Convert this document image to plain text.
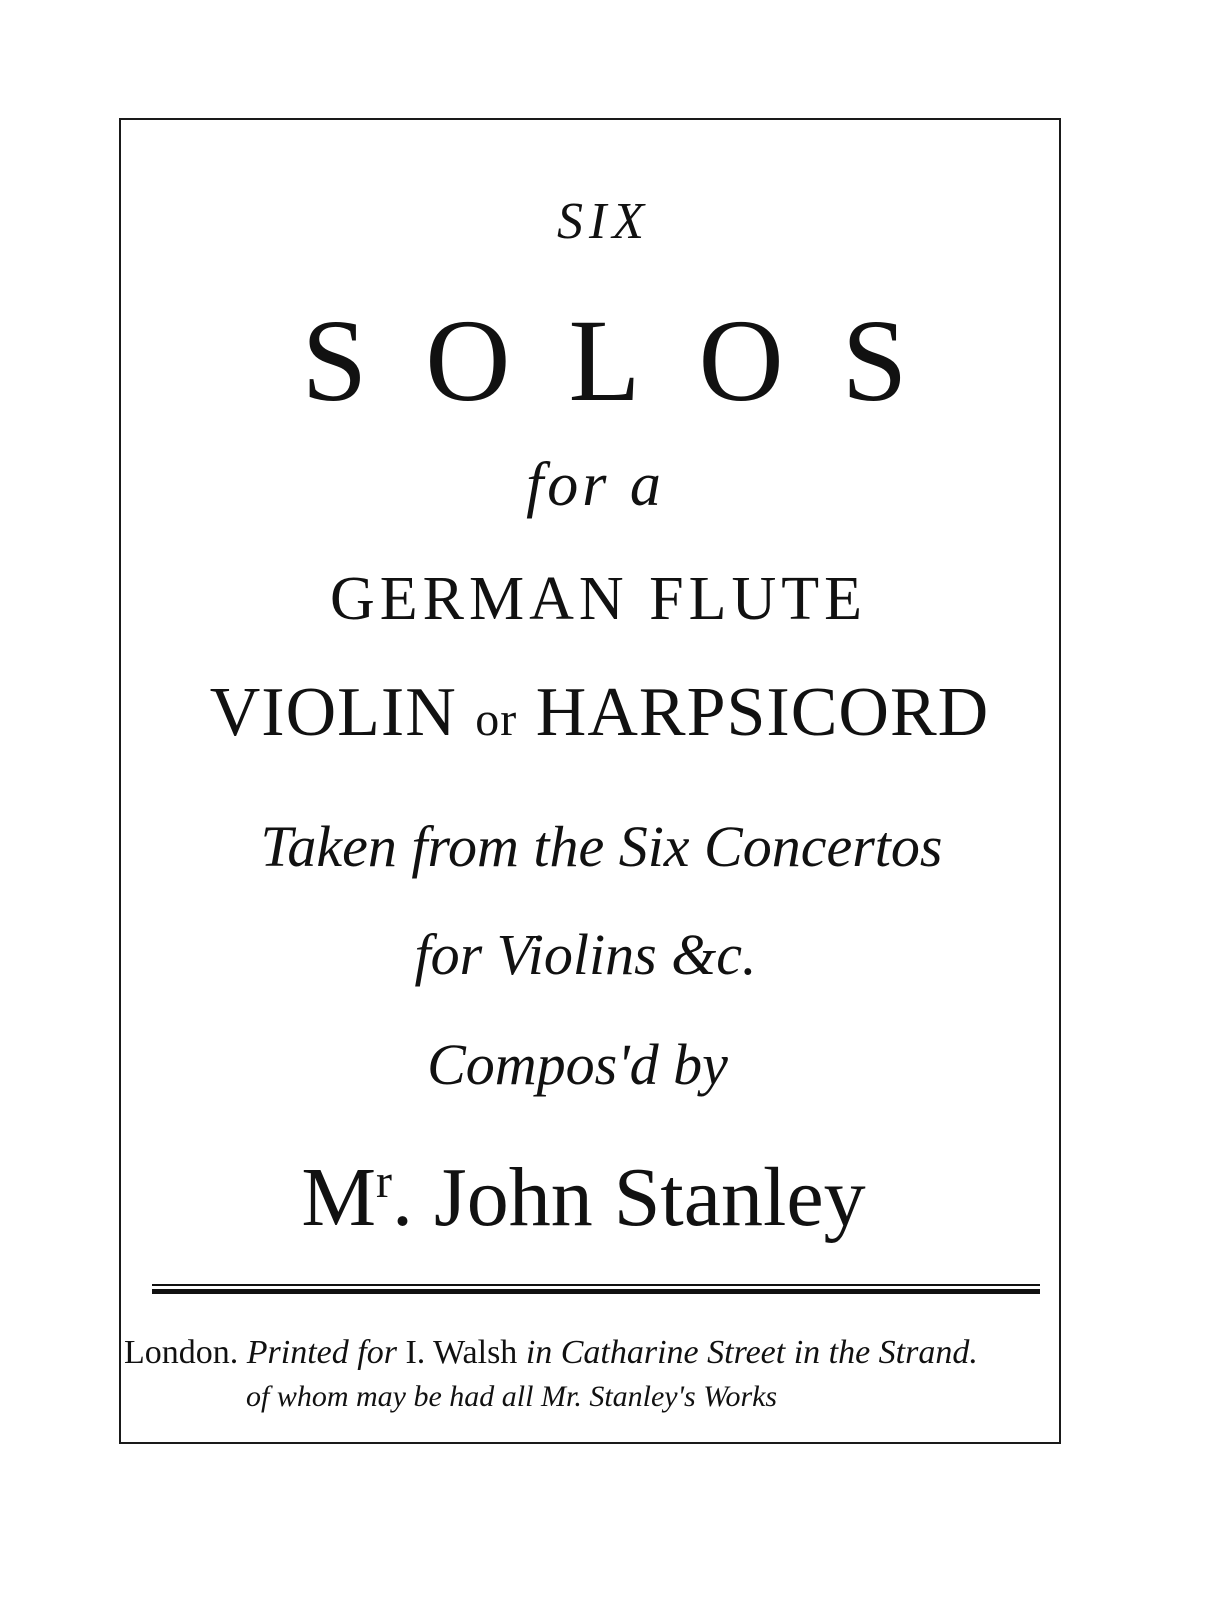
SIX
SOLOS
for a
GERMAN FLUTE
VIOLIN or HARPSICORD
Taken from the Six Concertos
for Violins &c.
Compos'd by
$M^r$. John Stanley
London. Printed for I. Walsh in Catharine Street in the Strand.
of whom may be had all Mr. Stanley's Works
